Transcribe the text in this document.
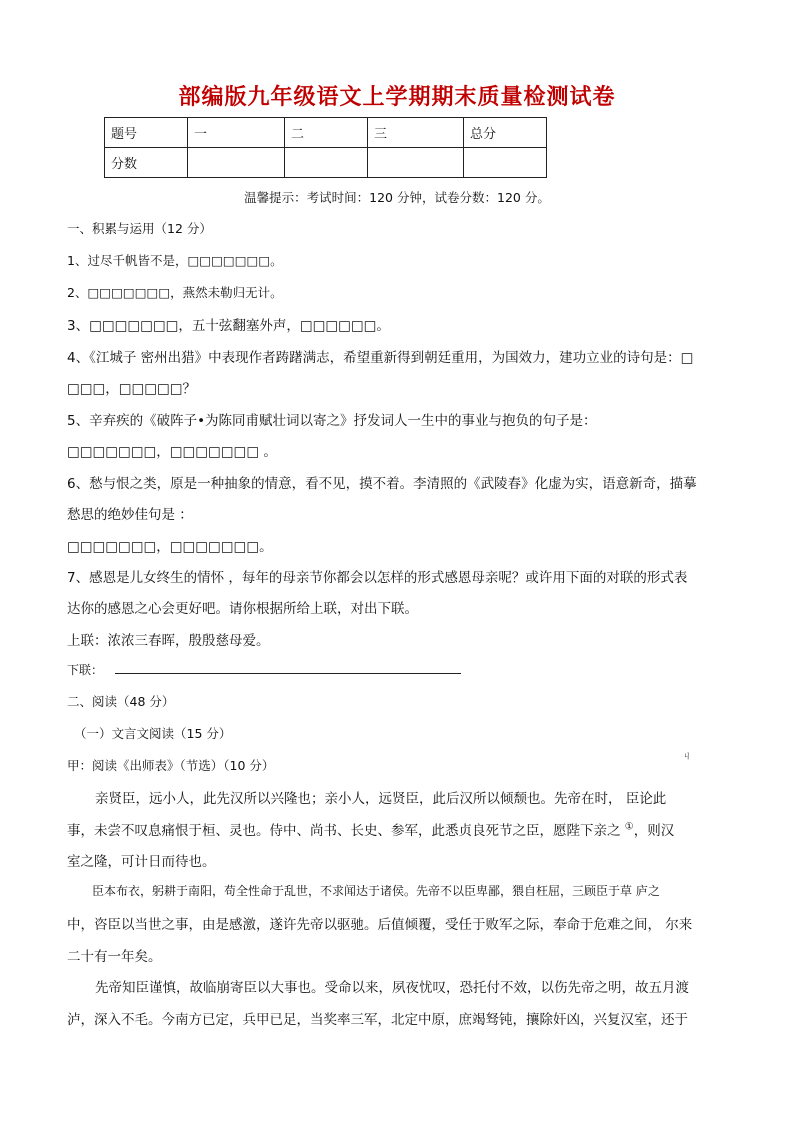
部编版九年级语文上学期期末质量检测试卷
题号	一	二	三	总分
分数				
温馨提示：考试时间：120 分钟，试卷分数：120 分。
一、积累与运用（12 分）
1、过尽千帆皆不是，□□□□□□□。
2、□□□□□□□，燕然未勒归无计。
3、□□□□□□□，五十弦翻塞外声，□□□□□□。
4、《江城子 密州出猎》中表现作者踌躇满志，希望重新得到朝廷重用，为国效力，建功立业的诗句是：□
□□□，□□□□□？
5、辛弃疾的《破阵子•为陈同甫赋壮词以寄之》抒发词人一生中的事业与抱负的句子是：
□□□□□□□，□□□□□□□ 。
6、愁与恨之类，原是一种抽象的情意，看不见，摸不着。李清照的《武陵春》化虚为实，语意新奇，描摹
愁思的绝妙佳句是 ：
□□□□□□□，□□□□□□□。
7、感恩是儿女终生的情怀 ，每年的母亲节你都会以怎样的形式感恩母亲呢？或许用下面的对联的形式表
达你的感恩之心会更好吧。请你根据所给上联，对出下联。
上联：浓浓三春晖，殷殷慈母爱。
下联：
二、阅读（48 分）
（一）文言文阅读（15 分）
甲：阅读《出师表》（节选）（10 分）
ㄐ
亲贤臣，远小人，此先汉所以兴隆也；亲小人，远贤臣，此后汉所以倾颓也。先帝在时， 臣论此
事，未尝不叹息痛恨于桓、灵也。侍中、尚书、长史、参军，此悉贞良死节之臣，愿陛下亲之 ①，则汉
室之隆，可计日而待也。
臣本布衣，躬耕于南阳，苟全性命于乱世，不求闻达于诸侯。先帝不以臣卑鄙，猥自枉屈，三顾臣于草 庐之
中，咨臣以当世之事，由是感激，遂许先帝以驱驰。后值倾覆，受任于败军之际，奉命于危难之间， 尔来
二十有一年矣。
先帝知臣谨慎，故临崩寄臣以大事也。受命以来，夙夜忧叹，恐托付不效，以伤先帝之明，故五月渡
泸，深入不毛。今南方已定，兵甲已足，当奖率三军，北定中原，庶竭驽钝，攘除奸凶，兴复汉室，还于
